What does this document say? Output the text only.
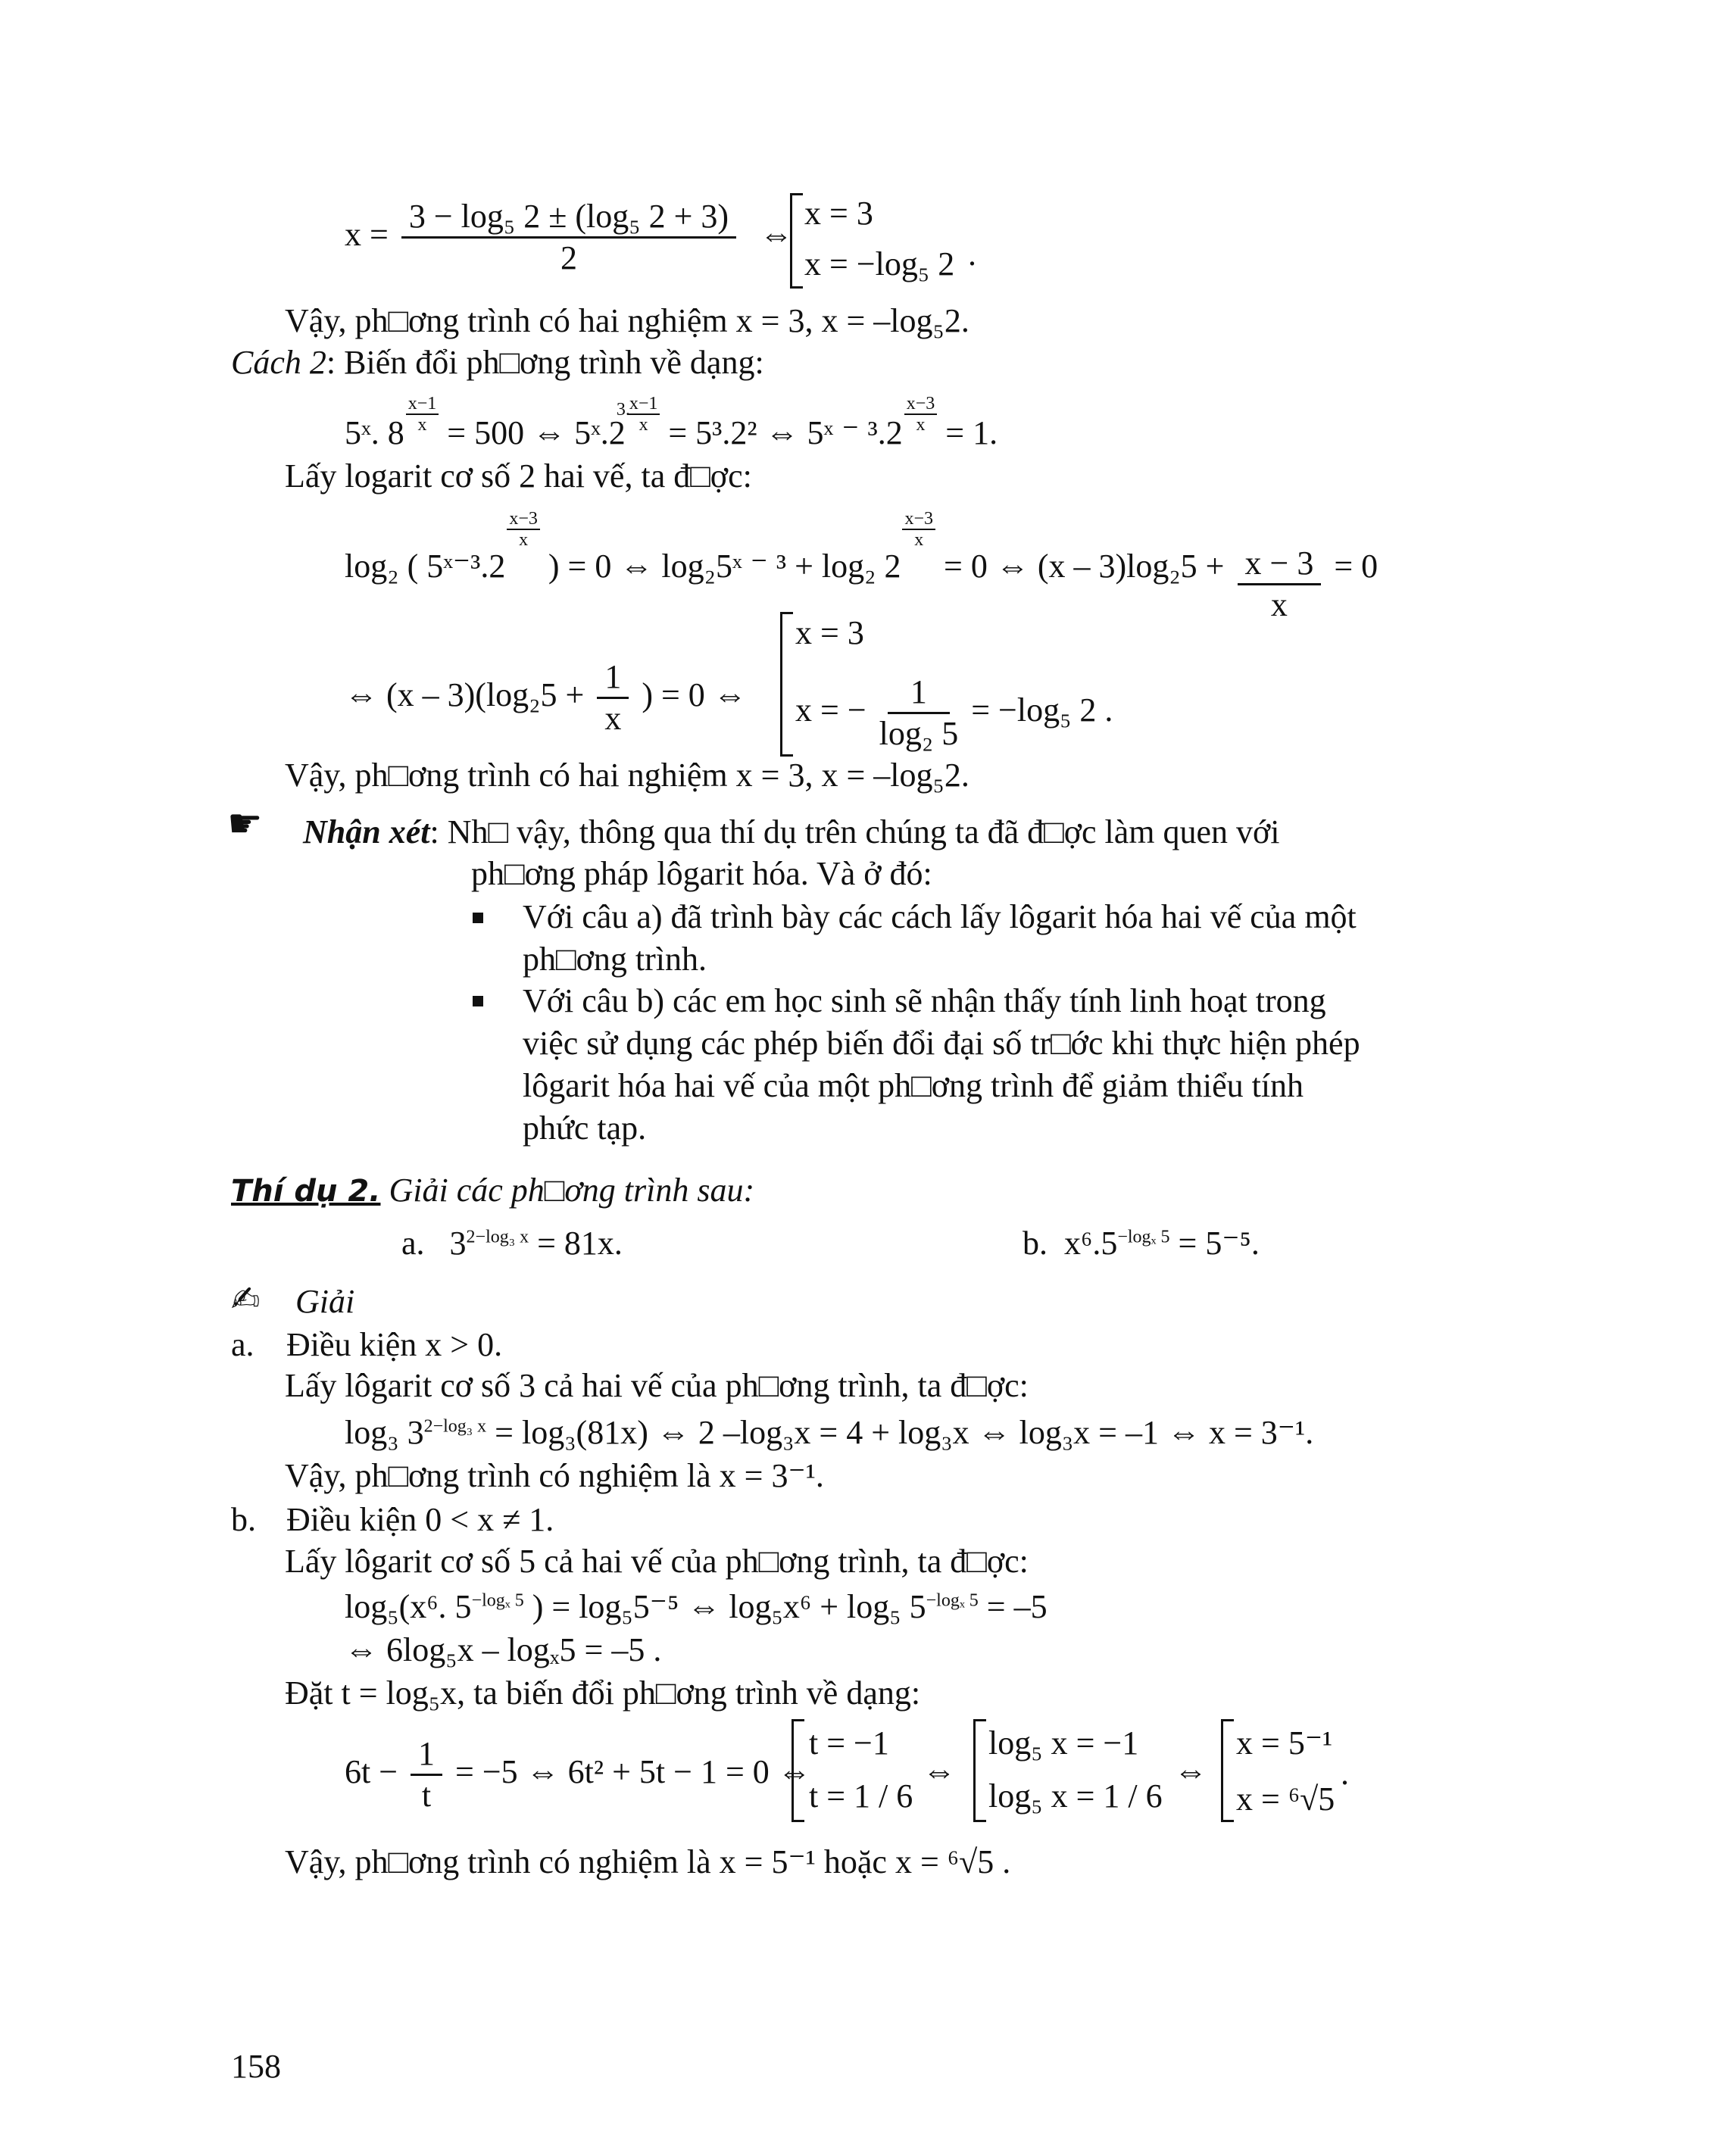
$x = \frac{\text{3 − log₅ 2 ± (log₅ 2 + 3)}}{2}$ ⇔
x = 3
x = −log₅ 2 .
Vậy, ph□ơng trình có hai nghiệm x = 3, x = –log₅2.
Cách 2: Biến đổi ph□ơng trình về dạng:
5ˣ. $8 \frac{x-1}{x} = 500$ ⇔ 5ˣ.2
3. x−1
x = 5³.2² ⇔ 5ˣ ⁻ $^3.2 \frac{x-3}{x} = 1$.
Lấy logarit cơ số 2 hai vế, ta đ□ợc:
log₂ ( 5ˣ⁻³.2
$\frac{x-3}{x}$
) = 0 ⇔ log₂5ˣ ⁻ ³ + log₂ 2
$\frac{x-3}{x}$
= 0 ⇔ $(x - 3)\log_25 + \frac{x - 3}{x} = 0$
⇔ $(x - 3)(\log_25 + \frac{1}{x}$ ) = 0 ⇔
x = 3
x = − $\frac{1}{\text{log₂ 5}} = -\log_5$ 2 .
Vậy, ph□ơng trình có hai nghiệm x = 3, x = –log₅2.
☛ Nhận xét: Nh□ vậy, thông qua thí dụ trên chúng ta đã đ□ợc làm quen với
ph□ơng pháp lôgarit hóa. Và ở đó:
Với câu a) đã trình bày các cách lấy lôgarit hóa hai vế của một
ph□ơng trình.
Với câu b) các em học sinh sẽ nhận thấy tính linh hoạt trong
việc sử dụng các phép biến đổi đại số tr□ớc khi thực hiện phép
lôgarit hóa hai vế của một ph□ơng trình để giảm thiểu tính
phức tạp.
Thí dụ 2. Giải các ph□ơng trình sau:
a. $3^{2-log_3 x} = 81x$.	b. $x^6.5^{-log_x 5} = 5^{-5}$.
✍ Giải
a. Điều kiện x > 0.
Lấy lôgarit cơ số 3 cả hai vế của ph□ơng trình, ta đ□ợc:
log₃ $3^{2-log_3 x} = \log_3(81x)$ ⇔ 2 –log₃x = 4 + log₃x ⇔ log₃x = –1 ⇔ x = 3⁻¹.
Vậy, ph□ơng trình có nghiệm là x = 3⁻¹.
b. Điều kiện 0 < x ≠ 1.
Lấy lôgarit cơ số 5 cả hai vế của ph□ơng trình, ta đ□ợc:
log₅(x⁶. $5^{-log_x 5}$ ) = log₅5⁻⁵ ⇔ log₅x⁶ + log₅ $5^{-log_x 5} = -5$
⇔ 6log₅x – logₓ5 = –5 .
Đặt t = log₅x, ta biến đổi ph□ơng trình về dạng:
$6t - \frac{1}{t} = -5$ ⇔ 6t² + 5t − 1 = 0 ⇔
t = −1
t = 1 / 6
⇔
log₅ x = −1
log₅ x = 1 / 6
⇔
x = 5⁻¹
x = ⁶√5
.
Vậy, ph□ơng trình có nghiệm là x = 5⁻¹ hoặc x = ⁶√5 .
158
